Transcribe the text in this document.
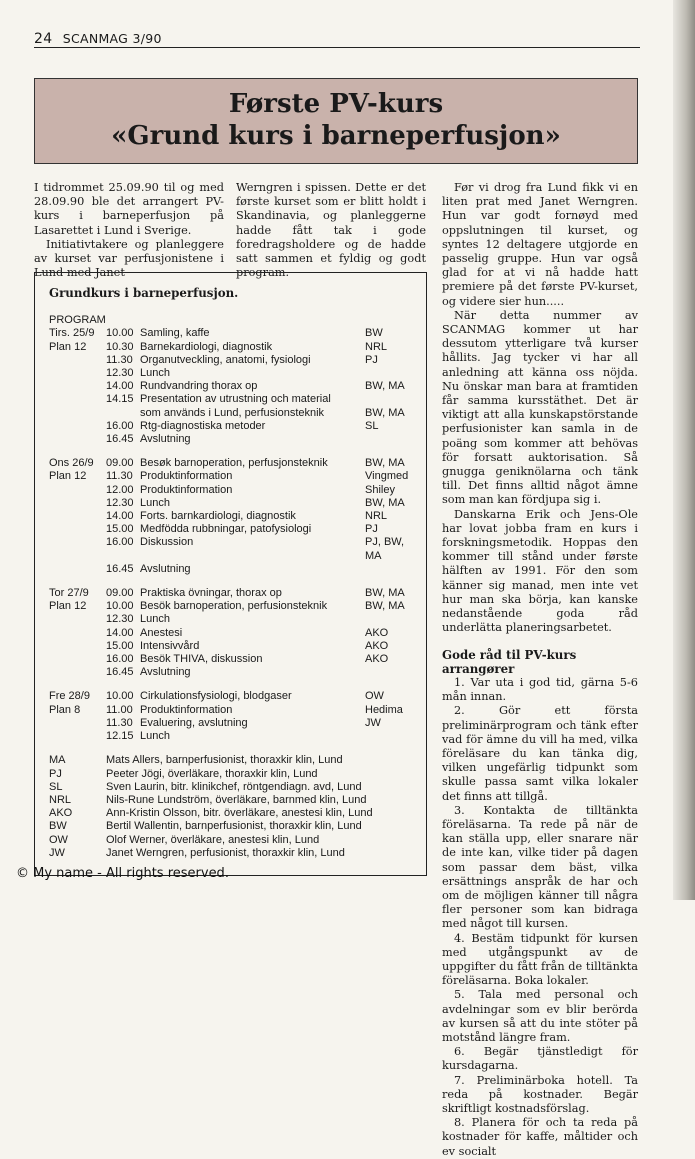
24 SCANMAG 3/90
Første PV-kurs
«Grund kurs i barneperfusjon»

I tidrommet 25.09.90 til og med 28.09.90 ble det arrangert PV-kurs i barneperfusjon på Lasarettet i Lund i Sverige.

Initiativtakere og planleggere av kurset var perfusjonistene i Lund med Janet

Werngren i spissen. Dette er det første kurset som er blitt holdt i Skandinavia, og planleggerne hadde fått tak i gode foredragsholdere og de hadde satt sammen et fyldig og godt program.

Før vi drog fra Lund fikk vi en liten prat med Janet Werngren. Hun var godt fornøyd med oppslutningen til kurset, og syntes 12 deltagere utgjorde en passelig gruppe. Hun var også glad for at vi nå hadde hatt premiere på det første PV-kurset, og videre sier hun.....

När detta nummer av SCANMAG kommer ut har dessutom ytterligare två kurser hållits. Jag tycker vi har all anledning att känna oss nöjda. Nu önskar man bara at framtiden får samma kursstäthet. Det är viktigt att alla kunskapstörstande perfusionister kan samla in de poäng som kommer att behövas för forsatt auktorisation. Så gnugga geniknölarna och tänk till. Det finns alltid något ämne som man kan fördjupa sig i.

Danskarna Erik och Jens-Ole har lovat jobba fram en kurs i forskningsmetodik. Hoppas den kommer till stånd under første hälften av 1991. För den som känner sig manad, men inte vet hur man ska börja, kan kanske nedanstående goda råd underlätta planeringsarbetet.

Gode råd til PV-kurs arrangører

1. Var uta i god tid, gärna 5-6 mån innan.

2. Gör ett första preliminärprogram och tänk efter vad för ämne du vill ha med, vilka föreläsare du kan tänka dig, vilken ungefärlig tidpunkt som skulle passa samt vilka lokaler det finns att tillgå.

3. Kontakta de tilltänkta föreläsarna. Ta rede på när de kan ställa upp, eller snarare när de inte kan, vilke tider på dagen som passar dem bäst, vilka ersättnings anspråk de har och om de möjligen känner till några fler personer som kan bidraga med något till kursen.

4. Bestäm tidpunkt för kursen med utgångspunkt av de uppgifter du fått från de tilltänkta föreläsarna. Boka lokaler.

5. Tala med personal och avdelningar som ev blir berörda av kursen så att du inte stöter på motstånd längre fram.

6. Begär tjänstledigt för kursdagarna.

7. Preliminärboka hotell. Ta reda på kostnader. Begär skriftligt kostnadsförslag.

8. Planera för och ta reda på kostnader för kaffe, måltider och ev socialt

Grundkurs i barneperfusjon.
PROGRAM
Tirs. 25/9	10.00 Samling, kaffe	BW
Plan 12	10.30 Barnekardiologi, diagnostik	NRL
11.30 Organutveckling, anatomi, fysiologi	PJ
12.30 Lunch
14.00 Rundvandring thorax op	BW, MA
14.15 Presentation av utrustning och material
som används i Lund, perfusionsteknik	BW, MA
16.00 Rtg-diagnostiska metoder	SL
16.45 Avslutning
Ons 26/9	09.00 Besøk barnoperation, perfusjonsteknik	BW, MA
Plan 12	11.30 Produktinformation	Vingmed
12.00 Produktinformation	Shiley
12.30 Lunch	BW, MA
14.00 Forts. barnkardiologi, diagnostik	NRL
15.00 Medfödda rubbningar, patofysiologi	PJ
16.00 Diskussion	PJ, BW,
MA
16.45 Avslutning
Tor 27/9	09.00 Praktiska övningar, thorax op	BW, MA
Plan 12	10.00 Besök barnoperation, perfusionsteknik	BW, MA
12.30 Lunch
14.00 Anestesi	AKO
15.00 Intensivvård	AKO
16.00 Besök THIVA, diskussion	AKO
16.45 Avslutning
Fre 28/9	10.00 Cirkulationsfysiologi, blodgaser	OW
Plan 8	11.00 Produktinformation	Hedima
11.30 Evaluering, avslutning	JW
12.15 Lunch
MA	Mats Allers, barnperfusionist, thoraxkir klin, Lund
PJ	Peeter Jögi, överläkare, thoraxkir klin, Lund
SL	Sven Laurin, bitr. klinikchef, röntgendiagn. avd, Lund
NRL	Nils-Rune Lundström, överläkare, barnmed klin, Lund
AKO	Ann-Kristin Olsson, bitr. överläkare, anestesi klin, Lund
BW	Bertil Wallentin, barnperfusionist, thoraxkir klin, Lund
OW	Olof Werner, överläkare, anestesi klin, Lund
JW	Janet Werngren, perfusionist, thoraxkir klin, Lund
© My name - All rights reserved.
